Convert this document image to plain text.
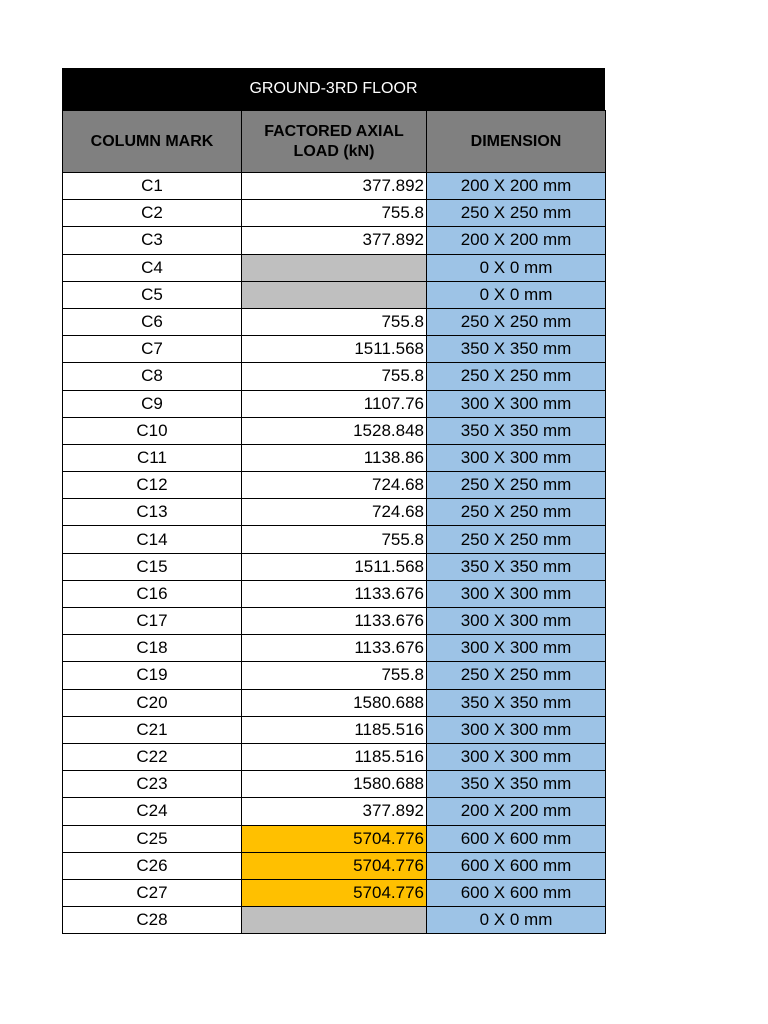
GROUND-3RD FLOOR
COLUMN MARK	FACTORED AXIAL LOAD (kN)	DIMENSION
C1	377.892	200 X 200 mm
C2	755.8	250 X 250 mm
C3	377.892	200 X 200 mm
C4		0 X 0 mm
C5		0 X 0 mm
C6	755.8	250 X 250 mm
C7	1511.568	350 X 350 mm
C8	755.8	250 X 250 mm
C9	1107.76	300 X 300 mm
C10	1528.848	350 X 350 mm
C11	1138.86	300 X 300 mm
C12	724.68	250 X 250 mm
C13	724.68	250 X 250 mm
C14	755.8	250 X 250 mm
C15	1511.568	350 X 350 mm
C16	1133.676	300 X 300 mm
C17	1133.676	300 X 300 mm
C18	1133.676	300 X 300 mm
C19	755.8	250 X 250 mm
C20	1580.688	350 X 350 mm
C21	1185.516	300 X 300 mm
C22	1185.516	300 X 300 mm
C23	1580.688	350 X 350 mm
C24	377.892	200 X 200 mm
C25	5704.776	600 X 600 mm
C26	5704.776	600 X 600 mm
C27	5704.776	600 X 600 mm
C28		0 X 0 mm
